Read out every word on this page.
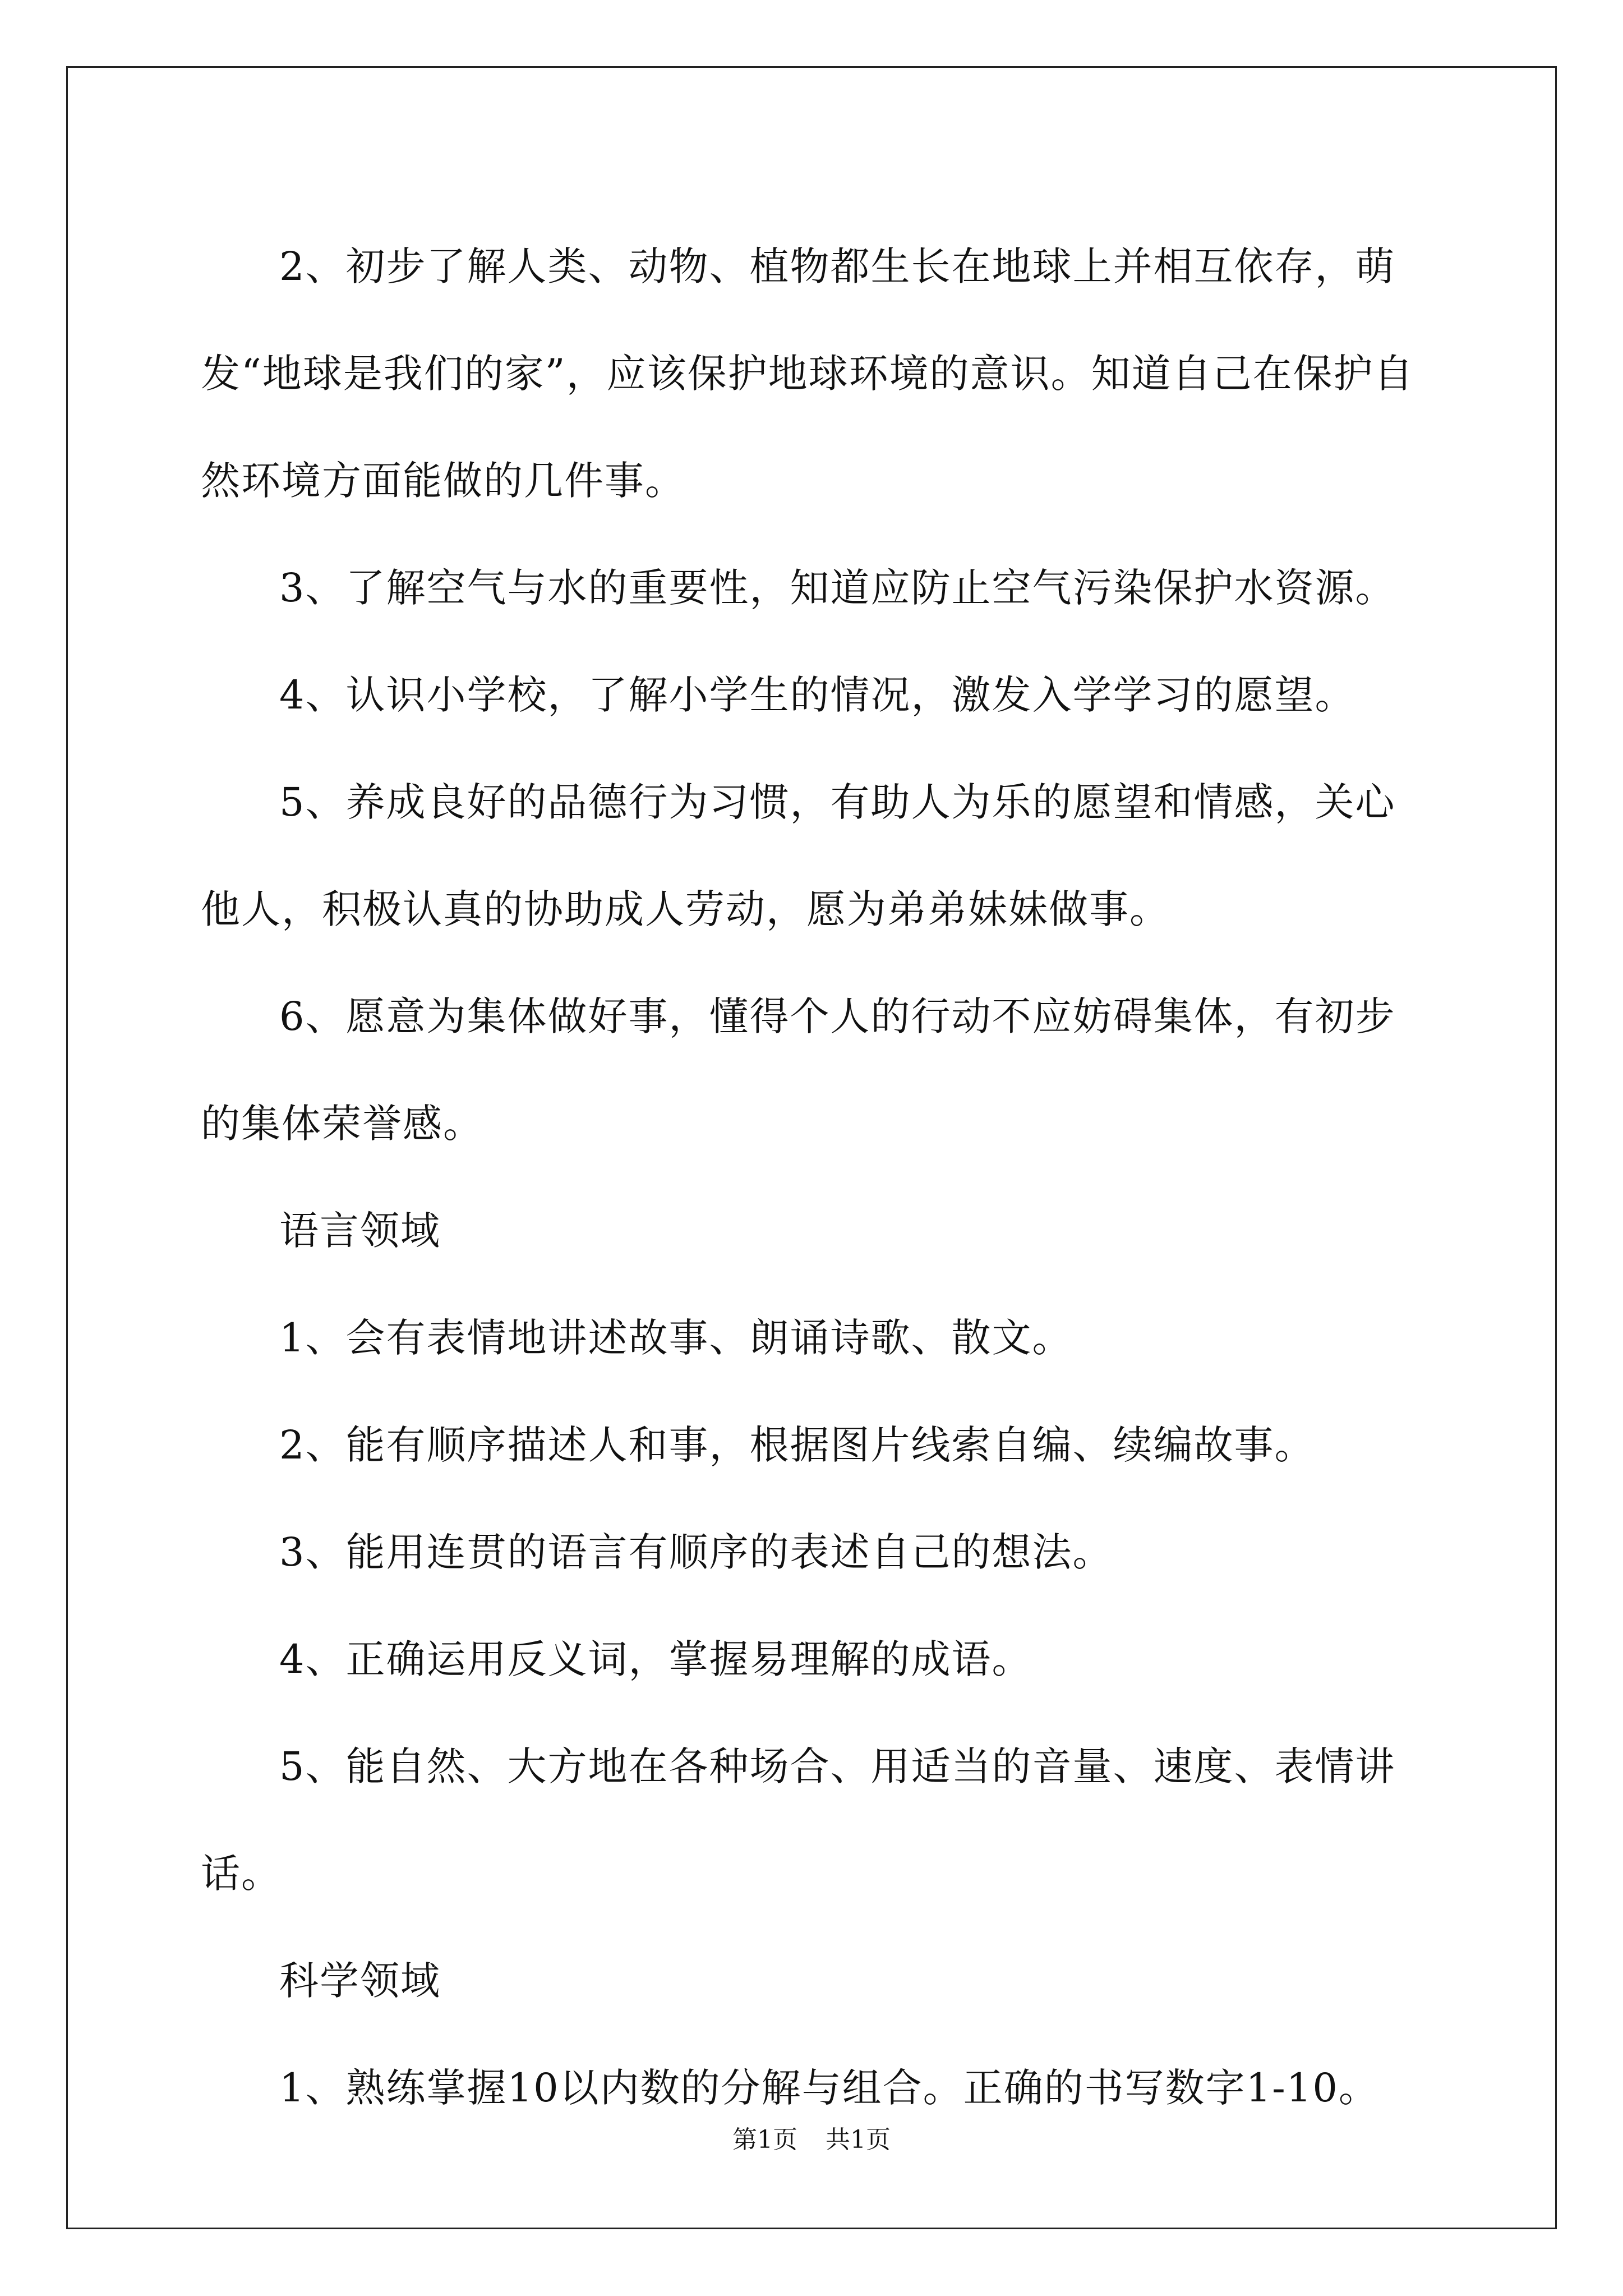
2、初步了解人类、动物、植物都生长在地球上并相互依存，萌发“地球是我们的家”，应该保护地球环境的意识。知道自己在保护自然环境方面能做的几件事。

3、了解空气与水的重要性，知道应防止空气污染保护水资源。

4、认识小学校，了解小学生的情况，激发入学学习的愿望。

5、养成良好的品德行为习惯，有助人为乐的愿望和情感，关心他人，积极认真的协助成人劳动，愿为弟弟妹妹做事。

6、愿意为集体做好事，懂得个人的行动不应妨碍集体，有初步的集体荣誉感。

语言领域

1、会有表情地讲述故事、朗诵诗歌、散文。

2、能有顺序描述人和事，根据图片线索自编、续编故事。

3、能用连贯的语言有顺序的表述自己的想法。

4、正确运用反义词，掌握易理解的成语。

5、能自然、大方地在各种场合、用适当的音量、速度、表情讲话。

科学领域

1、熟练掌握10以内数的分解与组合。正确的书写数字1-10。

第1页 共1页
